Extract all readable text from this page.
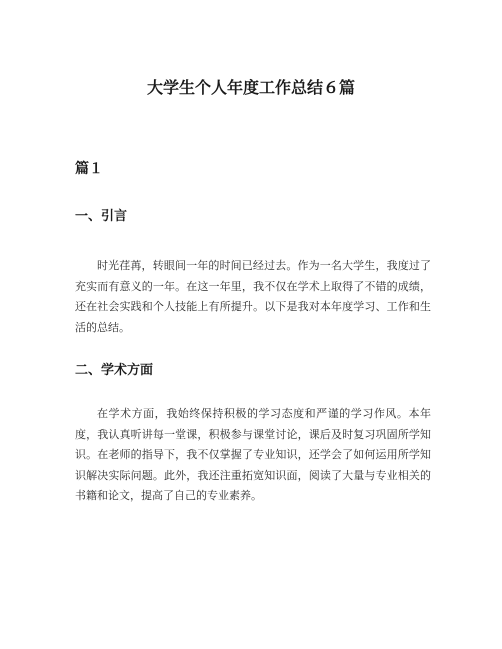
大学生个人年度工作总结６篇
篇１
一、引言

时光荏苒，转眼间一年的时间已经过去。作为一名大学生，我度过了充实而有意义的一年。在这一年里，我不仅在学术上取得了不错的成绩，还在社会实践和个人技能上有所提升。以下是我对本年度学习、工作和生活的总结。

二、学术方面

在学术方面，我始终保持积极的学习态度和严谨的学习作风。本年度，我认真听讲每一堂课，积极参与课堂讨论，课后及时复习巩固所学知识。在老师的指导下，我不仅掌握了专业知识，还学会了如何运用所学知识解决实际问题。此外，我还注重拓宽知识面，阅读了大量与专业相关的书籍和论文，提高了自己的专业素养。
